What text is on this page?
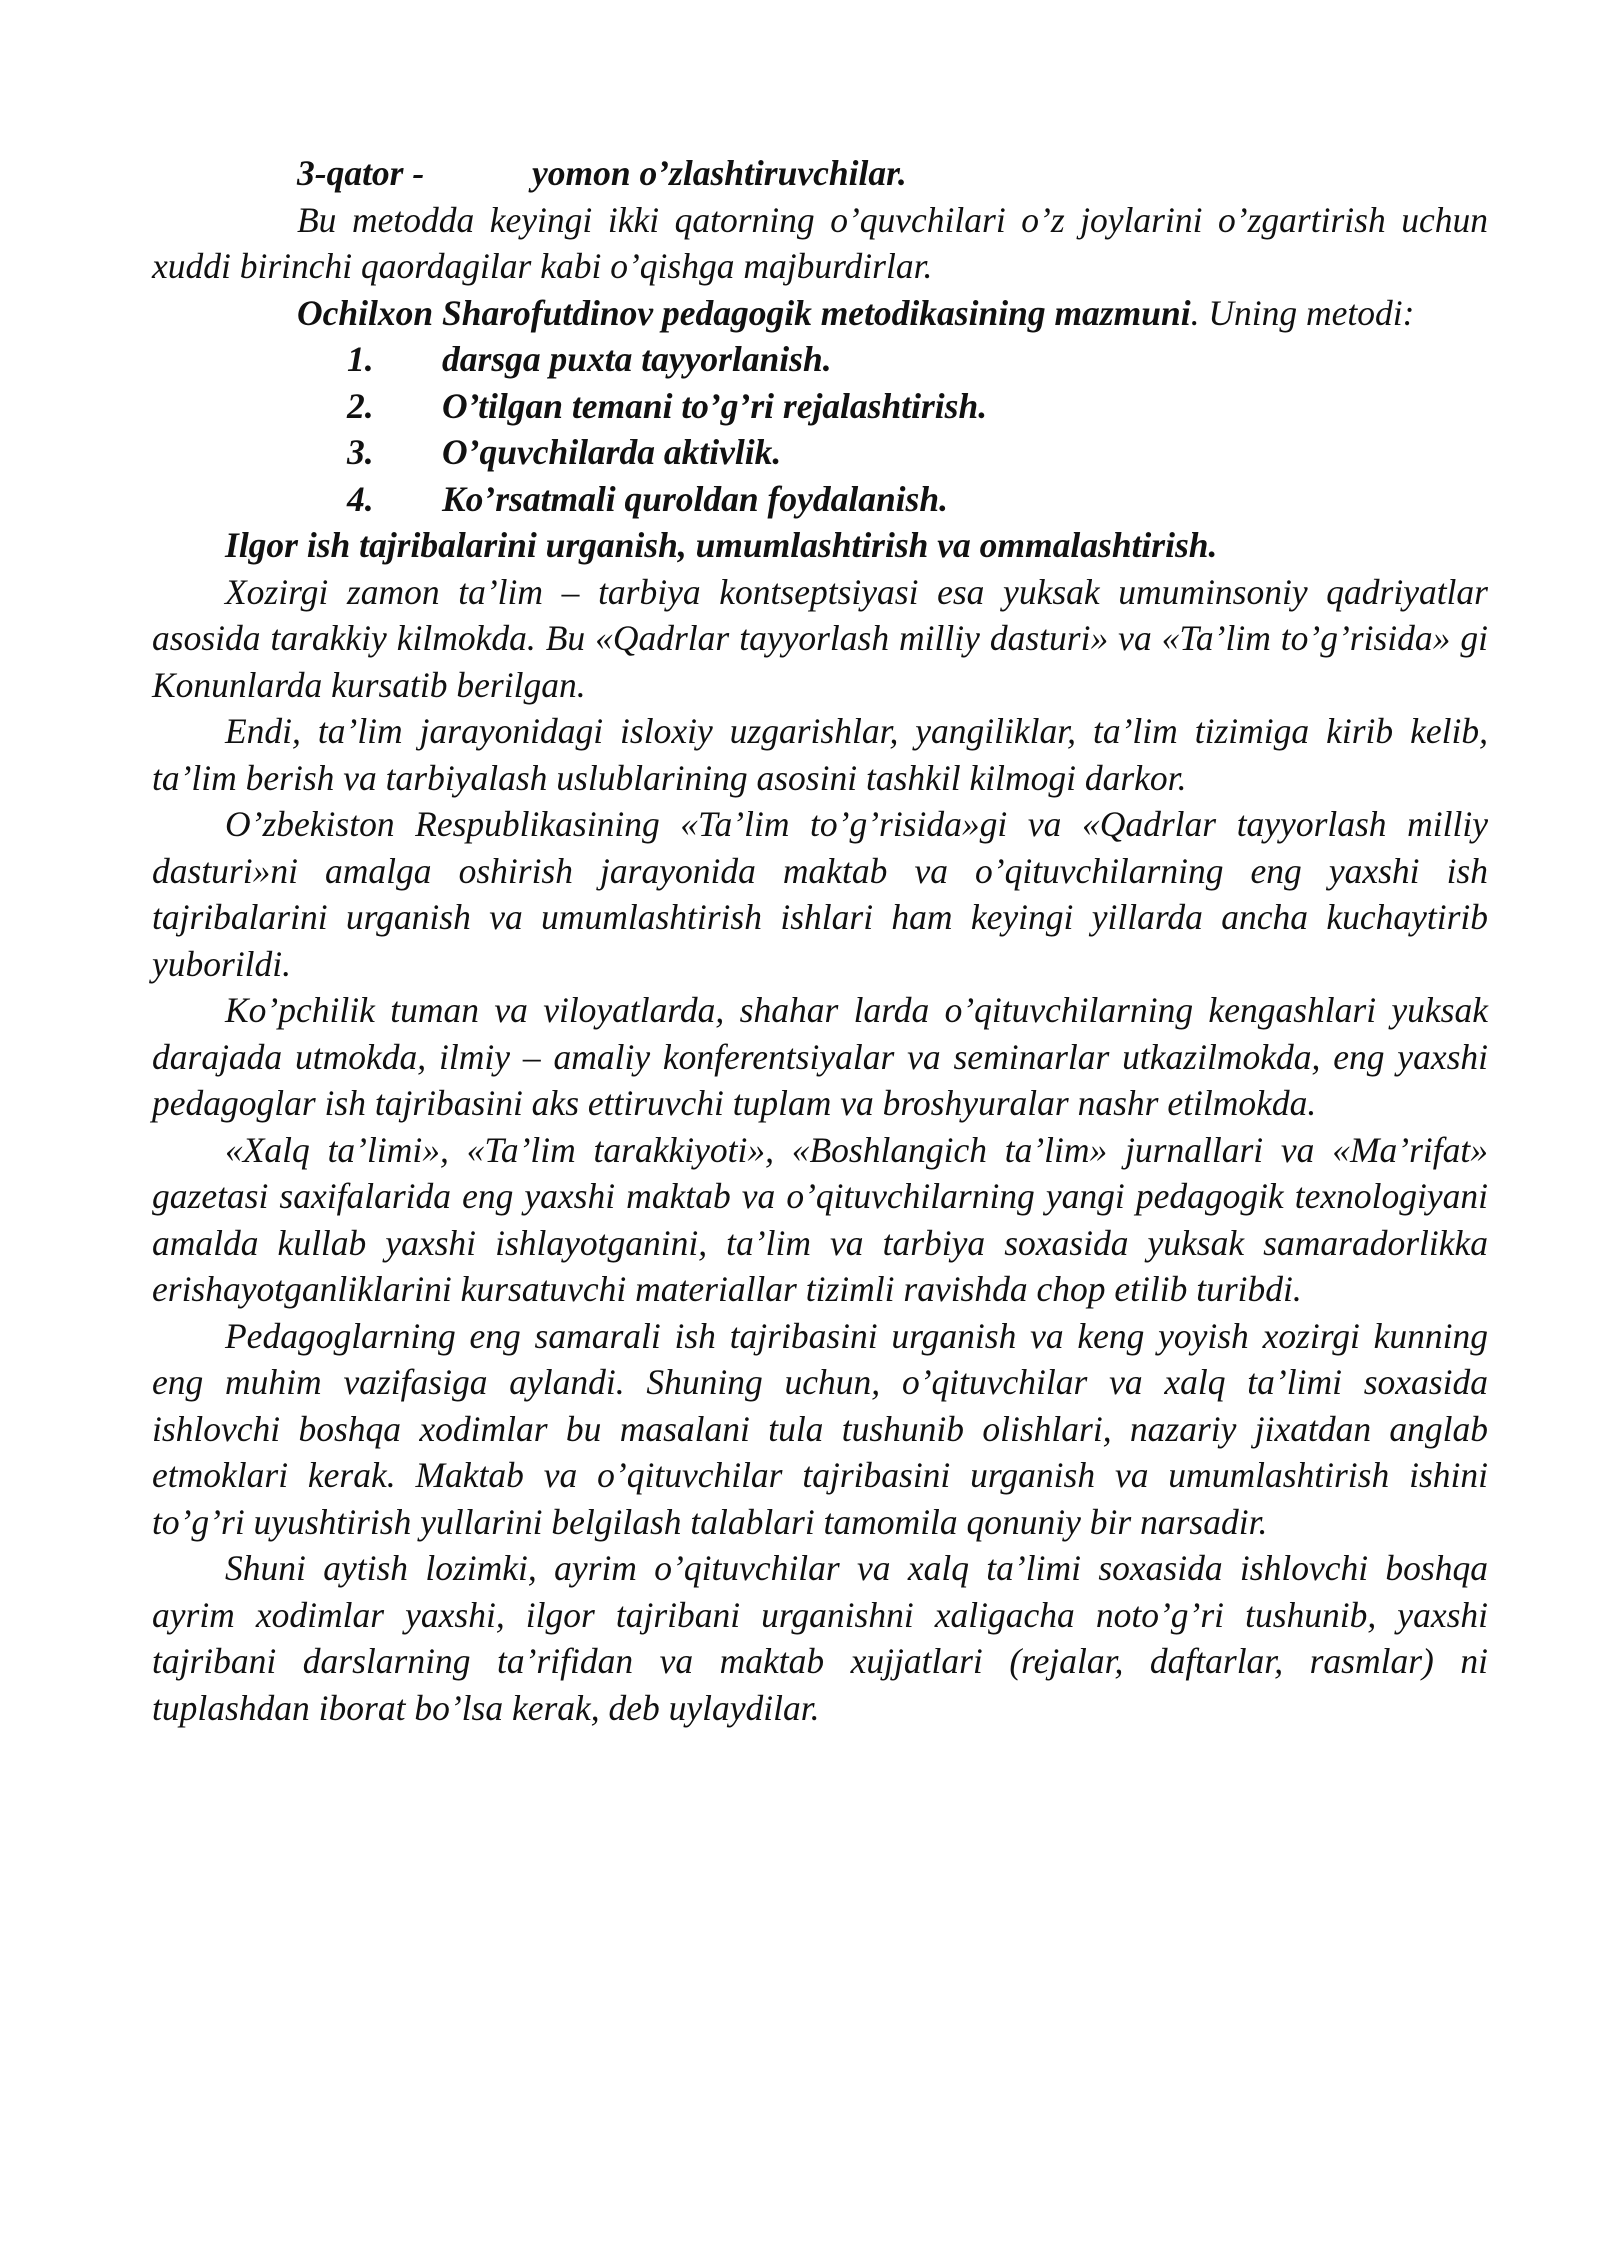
3-qator -	yomon o’zlashtiruvchilar.

Bu metodda keyingi ikki qatorning o’quvchilari o’z joylarini o’zgartirish uchun xuddi birinchi qaordagilar kabi o’qishga majburdirlar.

Ochilxon Sharofutdinov pedagogik metodikasining mazmuni. Uning metodi:

1. darsga puxta tayyorlanish.
2. O’tilgan temani to’g’ri rejalashtirish.
3. O’quvchilarda aktivlik.
4. Ko’rsatmali quroldan foydalanish.

Ilgor ish tajribalarini urganish, umumlashtirish va ommalashtirish.

Xozirgi zamon ta’lim – tarbiya kontseptsiyasi esa yuksak umuminsoniy qadriyatlar asosida tarakkiy kilmokda. Bu «Qadrlar tayyorlash milliy dasturi» va «Ta’lim to’g’risida» gi Konunlarda kursatib berilgan.

Endi, ta’lim jarayonidagi isloxiy uzgarishlar, yangiliklar, ta’lim tizimiga kirib kelib, ta’lim berish va tarbiyalash uslublarining asosini tashkil kilmogi darkor.

O’zbekiston Respublikasining «Ta’lim to’g’risida»gi va «Qadrlar tayyorlash milliy dasturi»ni amalga oshirish jarayonida maktab va o’qituvchilarning eng yaxshi ish tajribalarini urganish va umumlashtirish ishlari ham keyingi yillarda ancha kuchaytirib yuborildi.

Ko’pchilik tuman va viloyatlarda, shahar larda o’qituvchilarning kengashlari yuksak darajada utmokda, ilmiy – amaliy konferentsiyalar va seminarlar utkazilmokda, eng yaxshi pedagoglar ish tajribasini aks ettiruvchi tuplam va broshyuralar nashr etilmokda.

«Xalq ta’limi», «Ta’lim tarakkiyoti», «Boshlangich ta’lim» jurnallari va «Ma’rifat» gazetasi saxifalarida eng yaxshi maktab va o’qituvchilarning yangi pedagogik texnologiyani amalda kullab yaxshi ishlayotganini, ta’lim va tarbiya soxasida yuksak samaradorlikka erishayotganliklarini kursatuvchi materiallar tizimli ravishda chop etilib turibdi.

Pedagoglarning eng samarali ish tajribasini urganish va keng yoyish xozirgi kunning eng muhim vazifasiga aylandi. Shuning uchun, o’qituvchilar va xalq ta’limi soxasida ishlovchi boshqa xodimlar bu masalani tula tushunib olishlari, nazariy jixatdan anglab etmoklari kerak. Maktab va o’qituvchilar tajribasini urganish va umumlashtirish ishini to’g’ri uyushtirish yullarini belgilash talablari tamomila qonuniy bir narsadir.

Shuni aytish lozimki, ayrim o’qituvchilar va xalq ta’limi soxasida ishlovchi boshqa ayrim xodimlar yaxshi, ilgor tajribani urganishni xaligacha noto’g’ri tushunib, yaxshi tajribani darslarning ta’rifidan va maktab xujjatlari (rejalar, daftarlar, rasmlar) ni tuplashdan iborat bo’lsa kerak, deb uylaydilar.
